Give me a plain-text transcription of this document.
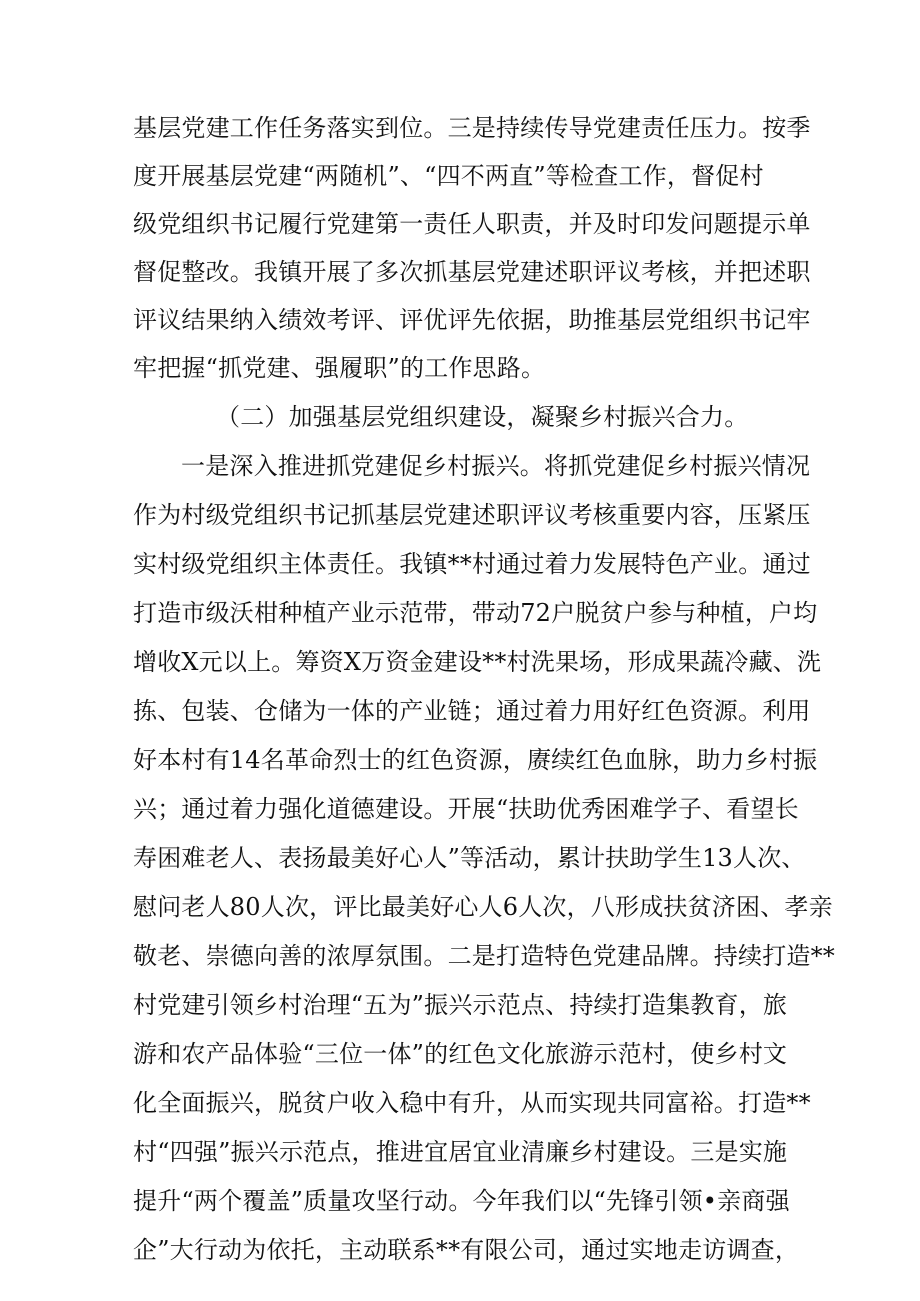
基层党建工作任务落实到位。三是持续传导党建责任压力。按季
度开展基层党建“两随机”、“四不两直”等检查工作，督促村
级党组织书记履行党建第一责任人职责，并及时印发问题提示单
督促整改。我镇开展了多次抓基层党建述职评议考核，并把述职
评议结果纳入绩效考评、评优评先依据，助推基层党组织书记牢
牢把握“抓党建、强履职”的工作思路。
（二）加强基层党组织建设，凝聚乡村振兴合力。
一是深入推进抓党建促乡村振兴。将抓党建促乡村振兴情况
作为村级党组织书记抓基层党建述职评议考核重要内容，压紧压
实村级党组织主体责任。我镇**村通过着力发展特色产业。通过
打造市级沃柑种植产业示范带，带动72户脱贫户参与种植，户均
增收X元以上。筹资X万资金建设**村洗果场，形成果蔬冷藏、洗
拣、包装、仓储为一体的产业链；通过着力用好红色资源。利用
好本村有14名革命烈士的红色资源，赓续红色血脉，助力乡村振
兴；通过着力强化道德建设。开展“扶助优秀困难学子、看望长
寿困难老人、表扬最美好心人”等活动，累计扶助学生13人次、
慰问老人80人次，评比最美好心人6人次，八形成扶贫济困、孝亲
敬老、崇德向善的浓厚氛围。二是打造特色党建品牌。持续打造**
村党建引领乡村治理“五为”振兴示范点、持续打造集教育，旅
游和农产品体验“三位一体”的红色文化旅游示范村，使乡村文
化全面振兴，脱贫户收入稳中有升，从而实现共同富裕。打造**
村“四强”振兴示范点，推进宜居宜业清廉乡村建设。三是实施
提升“两个覆盖”质量攻坚行动。今年我们以“先锋引领•亲商强
企”大行动为依托，主动联系**有限公司，通过实地走访调查，
